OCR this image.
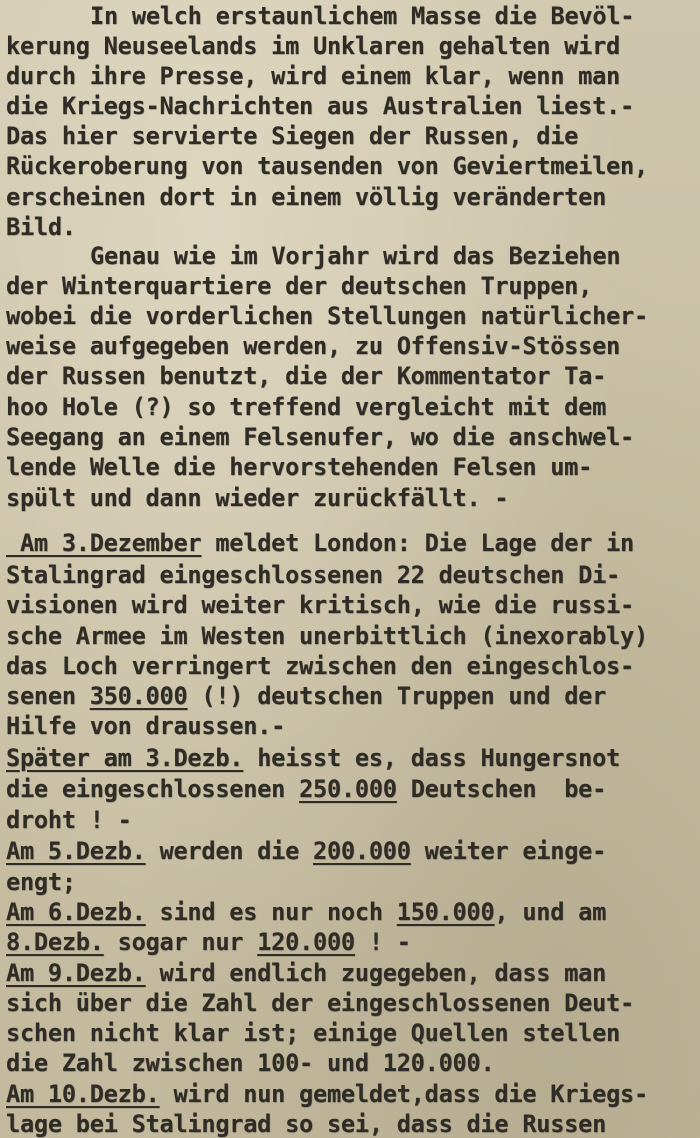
In welch erstaunlichem Masse die Bevöl-
kerung Neuseelands im Unklaren gehalten wird
durch ihre Presse, wird einem klar, wenn man
die Kriegs-Nachrichten aus Australien liest.-
Das hier servierte Siegen der Russen, die
Rückeroberung von tausenden von Geviertmeilen,
erscheinen dort in einem völlig veränderten
Bild.
Genau wie im Vorjahr wird das Beziehen
der Winterquartiere der deutschen Truppen,
wobei die vorderlichen Stellungen natürlicher-
weise aufgegeben werden, zu Offensiv-Stössen
der Russen benutzt, die der Kommentator Ta-
hoo Hole (?) so treffend vergleicht mit dem
Seegang an einem Felsenufer, wo die anschwel-
lende Welle die hervorstehenden Felsen um-
spült und dann wieder zurückfällt. -
Am 3.Dezember meldet London: Die Lage der in
Stalingrad eingeschlossenen 22 deutschen Di-
visionen wird weiter kritisch, wie die russi-
sche Armee im Westen unerbittlich (inexorably)
das Loch verringert zwischen den eingeschlos-
senen 350.000 (!) deutschen Truppen und der
Hilfe von draussen.-
Später am 3.Dezb. heisst es, dass Hungersnot
die eingeschlossenen 250.000 Deutschen  be-
droht ! -
Am 5.Dezb. werden die 200.000 weiter einge-
engt;
Am 6.Dezb. sind es nur noch 150.000, und am
8.Dezb. sogar nur 120.000 ! -
Am 9.Dezb. wird endlich zugegeben, dass man
sich über die Zahl der eingeschlossenen Deut-
schen nicht klar ist; einige Quellen stellen
die Zahl zwischen 100- und 120.000.
Am 10.Dezb. wird nun gemeldet,dass die Kriegs-
lage bei Stalingrad so sei, dass die Russen
